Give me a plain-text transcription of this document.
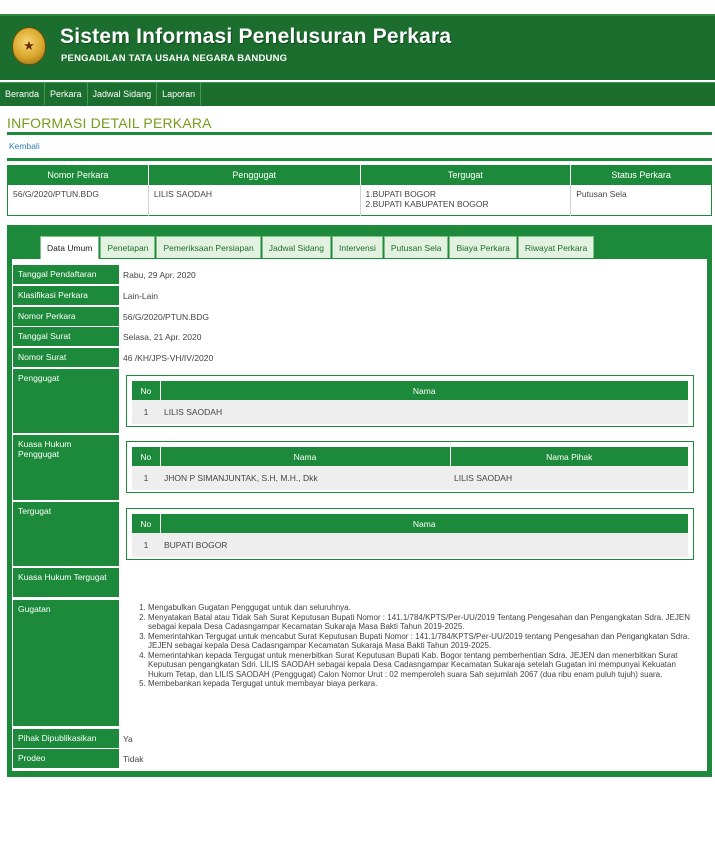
★	Sistem Informasi Penelusuran Perkara
PENGADILAN TATA USAHA NEGARA BANDUNG
Beranda	Perkara	Jadwal Sidang	Laporan
INFORMASI DETAIL PERKARA
Kembali
Nomor Perkara	Penggugat	Tergugat	Status Perkara
56/G/2020/PTUN.BDG	LILIS SAODAH	1.BUPATI BOGOR
2.BUPATI KABUPATEN BOGOR	Putusan Sela
Data Umum	Penetapan	Pemeriksaan Persiapan	Jadwal Sidang	Intervensi	Putusan Sela	Biaya Perkara	Riwayat Perkara
Tanggal Pendaftaran	Rabu, 29 Apr. 2020
Klasifikasi Perkara	Lain-Lain
Nomor Perkara	56/G/2020/PTUN.BDG
Tanggal Surat	Selasa, 21 Apr. 2020
Nomor Surat	46 /KH/JPS-VH/IV/2020
Penggugat
No	Nama
1	LILIS SAODAH
Kuasa Hukum Penggugat	No	Nama	Nama Pihak
1	JHON P SIMANJUNTAK, S.H, M.H., Dkk	LILIS SAODAH
Tergugat
No	Nama
1	BUPATI BOGOR
Kuasa Hukum Tergugat
Gugatan	1. Mengabulkan Gugatan Penggugat untuk dan seluruhnya.
2. Menyatakan Batal atau Tidak Sah Surat Keputusan Bupati Nomor : 141.1/784/KPTS/Per-UU/2019 Tentang Pengesahan dan Pengangkatan Sdra. JEJEN sebagai kepala Desa Cadasngampar Kecamatan Sukaraja Masa Bakti Tahun 2019-2025.
3. Memerintahkan Tergugat untuk mencabut Surat Keputusan Bupati Nomor : 141.1/784/KPTS/Per-UU/2019 tentang Pengesahan dan Pengangkatan Sdra. JEJEN sebagai kepala Desa Cadasngampar Kecamatan Sukaraja Masa Bakti Tahun 2019-2025.
4. Memerintahkan kepada Tergugat untuk menerbitkan Surat Keputusan Bupati Kab. Bogor tentang pemberhentian Sdra. JEJEN dan menerbitkan Surat Keputusan pengangkatan Sdri. LILIS SAODAH sebagai kepala Desa Cadasngampar Kecamatan Sukaraja setelah Gugatan ini mempunyai Kekuatan Hukum Tetap, dan LILIS SAODAH (Penggugat) Calon Nomor Urut : 02 memperoleh suara Sah sejumlah 2067 (dua ribu enam puluh tujuh) suara.
5. Membebankan kepada Tergugat untuk membayar biaya perkara.
Pihak Dipublikasikan	Ya
Prodeo	Tidak
